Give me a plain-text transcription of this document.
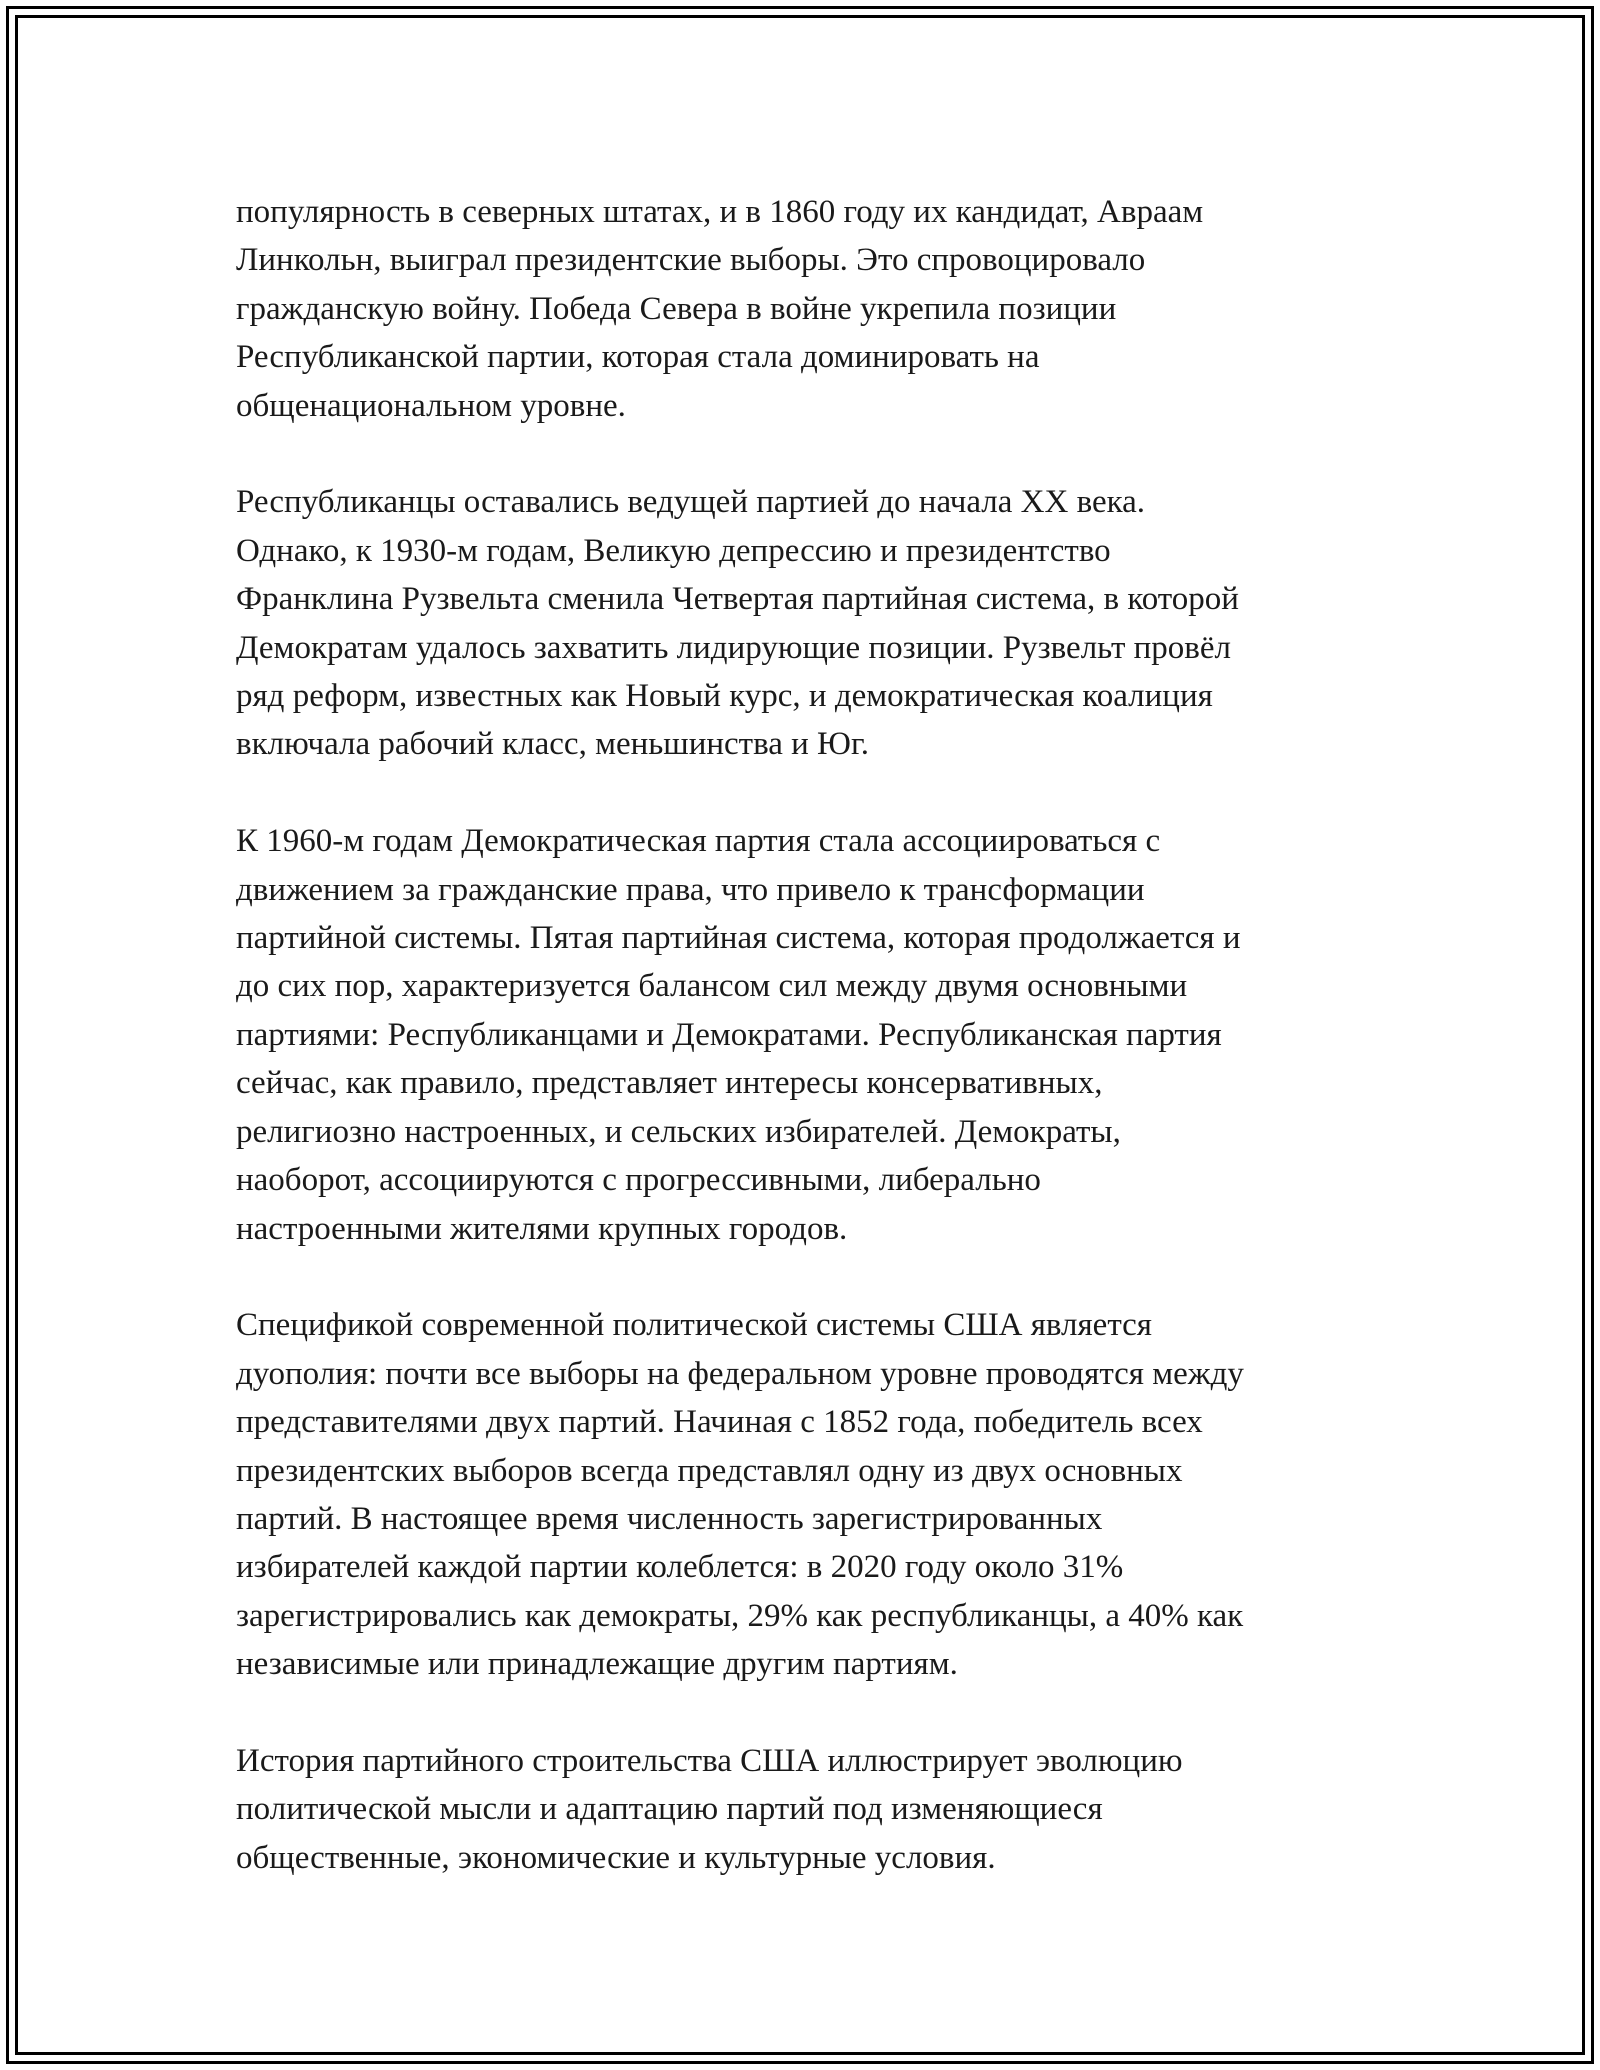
популярность в северных штатах, и в 1860 году их кандидат, Авраам
Линкольн, выиграл президентские выборы. Это спровоцировало
гражданскую войну. Победа Севера в войне укрепила позиции
Республиканской партии, которая стала доминировать на
общенациональном уровне.

Республиканцы оставались ведущей партией до начала XX века.
Однако, к 1930-м годам, Великую депрессию и президентство
Франклина Рузвельта сменила Четвертая партийная система, в которой
Демократам удалось захватить лидирующие позиции. Рузвельт провёл
ряд реформ, известных как Новый курс, и демократическая коалиция
включала рабочий класс, меньшинства и Юг.

К 1960-м годам Демократическая партия стала ассоциироваться с
движением за гражданские права, что привело к трансформации
партийной системы. Пятая партийная система, которая продолжается и
до сих пор, характеризуется балансом сил между двумя основными
партиями: Республиканцами и Демократами. Республиканская партия
сейчас, как правило, представляет интересы консервативных,
религиозно настроенных, и сельских избирателей. Демократы,
наоборот, ассоциируются с прогрессивными, либерально
настроенными жителями крупных городов.

Спецификой современной политической системы США является
дуополия: почти все выборы на федеральном уровне проводятся между
представителями двух партий. Начиная с 1852 года, победитель всех
президентских выборов всегда представлял одну из двух основных
партий. В настоящее время численность зарегистрированных
избирателей каждой партии колеблется: в 2020 году около 31%
зарегистрировались как демократы, 29% как республиканцы, а 40% как
независимые или принадлежащие другим партиям.

История партийного строительства США иллюстрирует эволюцию
политической мысли и адаптацию партий под изменяющиеся
общественные, экономические и культурные условия.
